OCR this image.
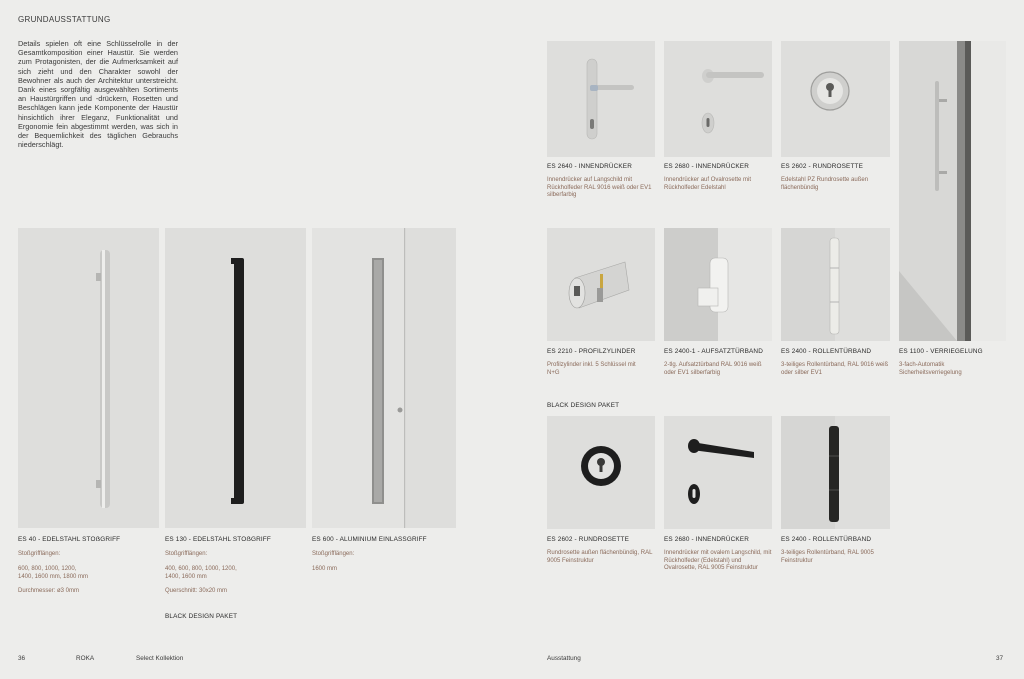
GRUNDAUSSTATTUNG
Details spielen oft eine Schlüsselrolle in der Gesamtkomposition einer Haustür. Sie werden zum Protagonisten, der die Aufmerksamkeit auf sich zieht und den Charakter sowohl der Bewohner als auch der Architektur unterstreicht. Dank eines sorgfältig ausgewählten Sortiments an Haustürgriffen und -drückern, Rosetten und Beschlägen kann jede Komponente der Haustür hinsichtlich ihrer Eleganz, Funktionalität und Ergonomie fein abgestimmt werden, was sich in der Bequemlichkeit des täglichen Gebrauchs niederschlägt.
ES 40 - EDELSTAHL STOẞGRIFF
Stoßgrifflängen:
600, 800, 1000, 1200,
1400, 1600 mm, 1800 mm
Durchmesser: ø3 0mm
ES 130 - EDELSTAHL STOẞGRIFF
Stoßgrifflängen:
400, 600, 800, 1000, 1200,
1400, 1600 mm
Querschnitt: 30x20 mm
BLACK DESIGN PAKET
ES 600 - ALUMINIUM EINLASSGRIFF
Stoßgrifflängen:
1600 mm
ES 2640 - INNENDRÜCKER
Innendrücker auf Langschild mit Rückholfeder RAL 9016 weiß oder EV1 silberfarbig
ES 2680 - INNENDRÜCKER
Innendrücker auf Ovalrosette mit Rückholfeder Edelstahl
ES 2602 - RUNDROSETTE
Edelstahl PZ Rundrosette außen flächenbündig
ES 2210 - PROFILZYLINDER
Profilzylinder inkl. 5 Schlüssel mit N+G
ES 2400-1 - AUFSATZTÜRBAND
2-tlg. Aufsatztürband RAL 9016 weiß oder EV1 silberfarbig
ES 2400 - ROLLENTÜRBAND
3-teiliges Rollentürband, RAL 9016 weiß oder silber EV1
ES 1100 - VERRIEGELUNG
3-fach-Automatik Sicherheitsverriegelung
BLACK DESIGN PAKET
ES 2602 - RUNDROSETTE
Rundrosette außen flächenbündig, RAL 9005 Feinstruktur
ES 2680 - INNENDRÜCKER
Innendrücker mit ovalem Langschild, mit Rückholfeder (Edelstahl) und Ovalrosette, RAL 9005 Feinstruktur
ES 2400 - ROLLENTÜRBAND
3-teiliges Rollentürband, RAL 9005 Feinstruktur
36	ROKA	Select Kollektion	Ausstattung	37
